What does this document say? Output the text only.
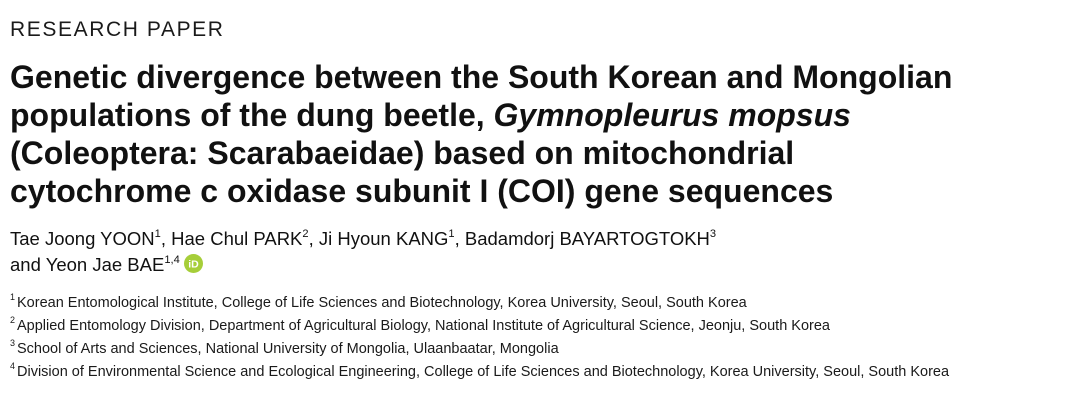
RESEARCH PAPER
Genetic divergence between the South Korean and Mongolian
populations of the dung beetle, Gymnopleurus mopsus
(Coleoptera: Scarabaeidae) based on mitochondrial
cytochrome c oxidase subunit I (COI) gene sequences
Tae Joong YOON$^1$, Hae Chul PARK$^2$, Ji Hyoun KANG$^1$, Badamdorj BAYARTOGTOKH$^3$
and Yeon Jae BAE$^{1,4}$ iD
$^1$ Korean Entomological Institute, College of Life Sciences and Biotechnology, Korea University, Seoul, South Korea
$^2$ Applied Entomology Division, Department of Agricultural Biology, National Institute of Agricultural Science, Jeonju, South Korea
$^3$ School of Arts and Sciences, National University of Mongolia, Ulaanbaatar, Mongolia
$^4$ Division of Environmental Science and Ecological Engineering, College of Life Sciences and Biotechnology, Korea University, Seoul, South Korea
